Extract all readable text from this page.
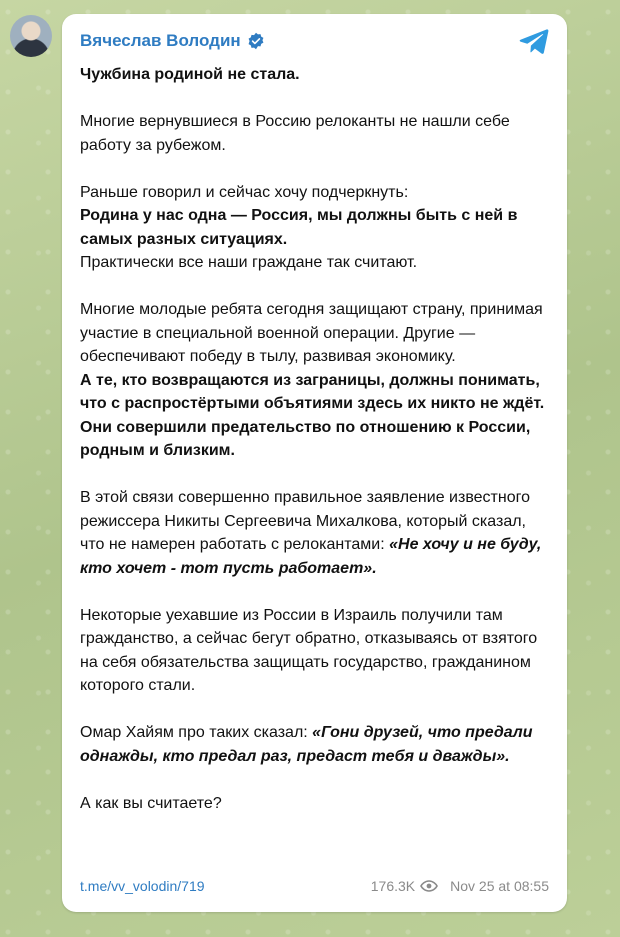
Вячеслав Володин

Чужбина родиной не стала.

Многие вернувшиеся в Россию релоканты не нашли себе работу за рубежом.

Раньше говорил и сейчас хочу подчеркнуть:
Родина у нас одна — Россия, мы должны быть с ней в самых разных ситуациях.
Практически все наши граждане так считают.

Многие молодые ребята сегодня защищают страну, принимая участие в специальной военной операции. Другие — обеспечивают победу в тылу, развивая экономику.
А те, кто возвращаются из заграницы, должны понимать, что с распростёртыми объятиями здесь их никто не ждёт. Они совершили предательство по отношению к России, родным и близким.

В этой связи совершенно правильное заявление известного режиссера Никиты Сергеевича Михалкова, который сказал, что не намерен работать с релокантами: «Не хочу и не буду, кто хочет - тот пусть работает».

Некоторые уехавшие из России в Израиль получили там гражданство, а сейчас бегут обратно, отказываясь от взятого на себя обязательства защищать государство, гражданином которого стали.

Омар Хайям про таких сказал: «Гони друзей, что предали однажды, кто предал раз, предаст тебя и дважды».

А как вы считаете?

t.me/vv_volodin/719	176.3K	Nov 25 at 08:55
